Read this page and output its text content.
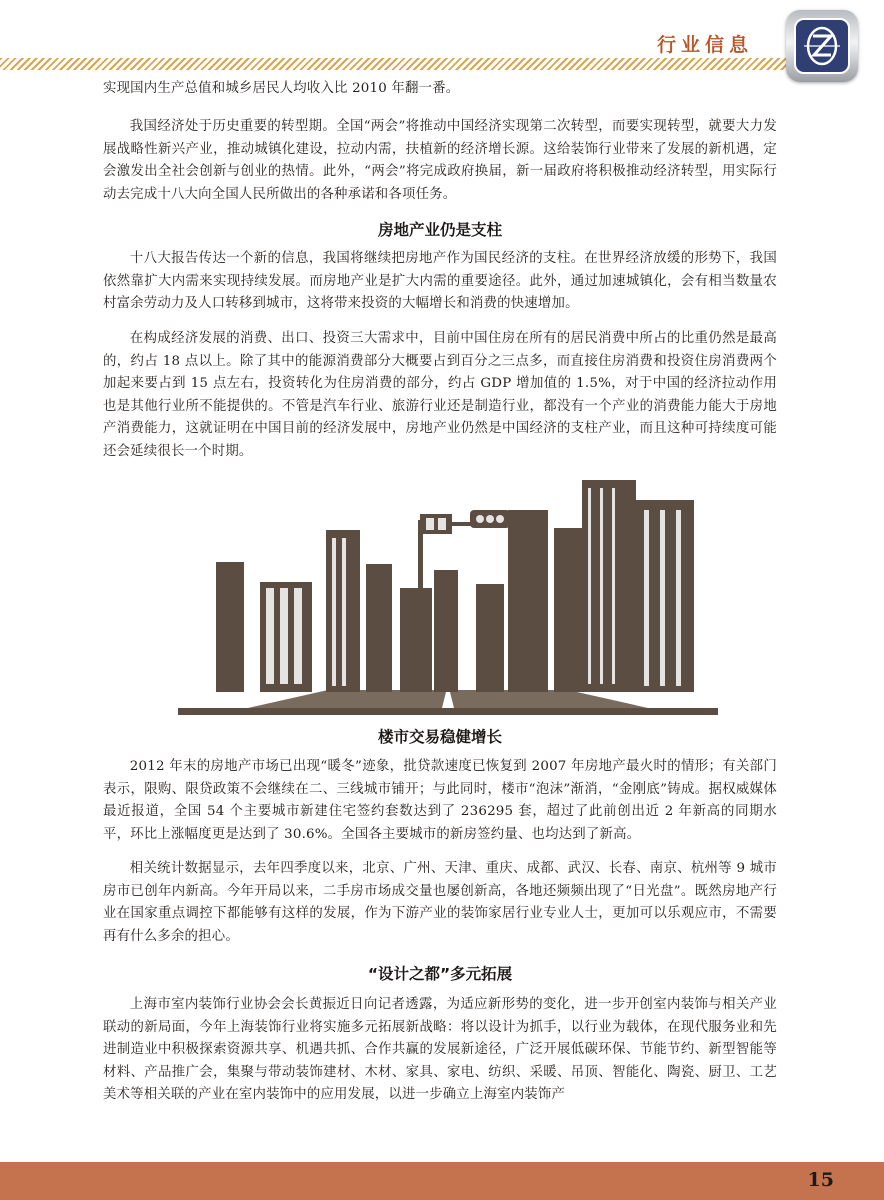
行业信息

实现国内生产总值和城乡居民人均收入比 2010 年翻一番。

我国经济处于历史重要的转型期。全国“两会”将推动中国经济实现第二次转型，而要实现转型，就要大力发展战略性新兴产业，推动城镇化建设，拉动内需，扶植新的经济增长源。这给装饰行业带来了发展的新机遇，定会激发出全社会创新与创业的热情。此外，“两会”将完成政府换届，新一届政府将积极推动经济转型，用实际行动去完成十八大向全国人民所做出的各种承诺和各项任务。

房地产业仍是支柱

十八大报告传达一个新的信息，我国将继续把房地产作为国民经济的支柱。在世界经济放缓的形势下，我国依然靠扩大内需来实现持续发展。而房地产业是扩大内需的重要途径。此外，通过加速城镇化，会有相当数量农村富余劳动力及人口转移到城市，这将带来投资的大幅增长和消费的快速增加。

在构成经济发展的消费、出口、投资三大需求中，目前中国住房在所有的居民消费中所占的比重仍然是最高的，约占 18 点以上。除了其中的能源消费部分大概要占到百分之三点多，而直接住房消费和投资住房消费两个加起来要占到 15 点左右，投资转化为住房消费的部分，约占 GDP 增加值的 1.5%，对于中国的经济拉动作用也是其他行业所不能提供的。不管是汽车行业、旅游行业还是制造行业，都没有一个产业的消费能力能大于房地产消费能力，这就证明在中国目前的经济发展中，房地产业仍然是中国经济的支柱产业，而且这种可持续度可能还会延续很长一个时期。

楼市交易稳健增长

2012 年末的房地产市场已出现“暖冬”迹象，批贷款速度已恢复到 2007 年房地产最火时的情形；有关部门表示，限购、限贷政策不会继续在二、三线城市铺开；与此同时，楼市“泡沫”渐消，“金刚底”铸成。据权威媒体最近报道，全国 54 个主要城市新建住宅签约套数达到了 236295 套，超过了此前创出近 2 年新高的同期水平，环比上涨幅度更是达到了 30.6%。全国各主要城市的新房签约量、也均达到了新高。

相关统计数据显示，去年四季度以来，北京、广州、天津、重庆、成都、武汉、长春、南京、杭州等 9 城市房市已创年内新高。今年开局以来，二手房市场成交量也屡创新高，各地还频频出现了“日光盘”。既然房地产行业在国家重点调控下都能够有这样的发展，作为下游产业的装饰家居行业专业人士，更加可以乐观应市，不需要再有什么多余的担心。

“设计之都”多元拓展

上海市室内装饰行业协会会长黄振近日向记者透露，为适应新形势的变化，进一步开创室内装饰与相关产业联动的新局面，今年上海装饰行业将实施多元拓展新战略：将以设计为抓手，以行业为载体，在现代服务业和先进制造业中积极探索资源共享、机遇共抓、合作共赢的发展新途径，广泛开展低碳环保、节能节约、新型智能等材料、产品推广会，集聚与带动装饰建材、木材、家具、家电、纺织、采暖、吊顶、智能化、陶瓷、厨卫、工艺美术等相关联的产业在室内装饰中的应用发展，以进一步确立上海室内装饰产

15
